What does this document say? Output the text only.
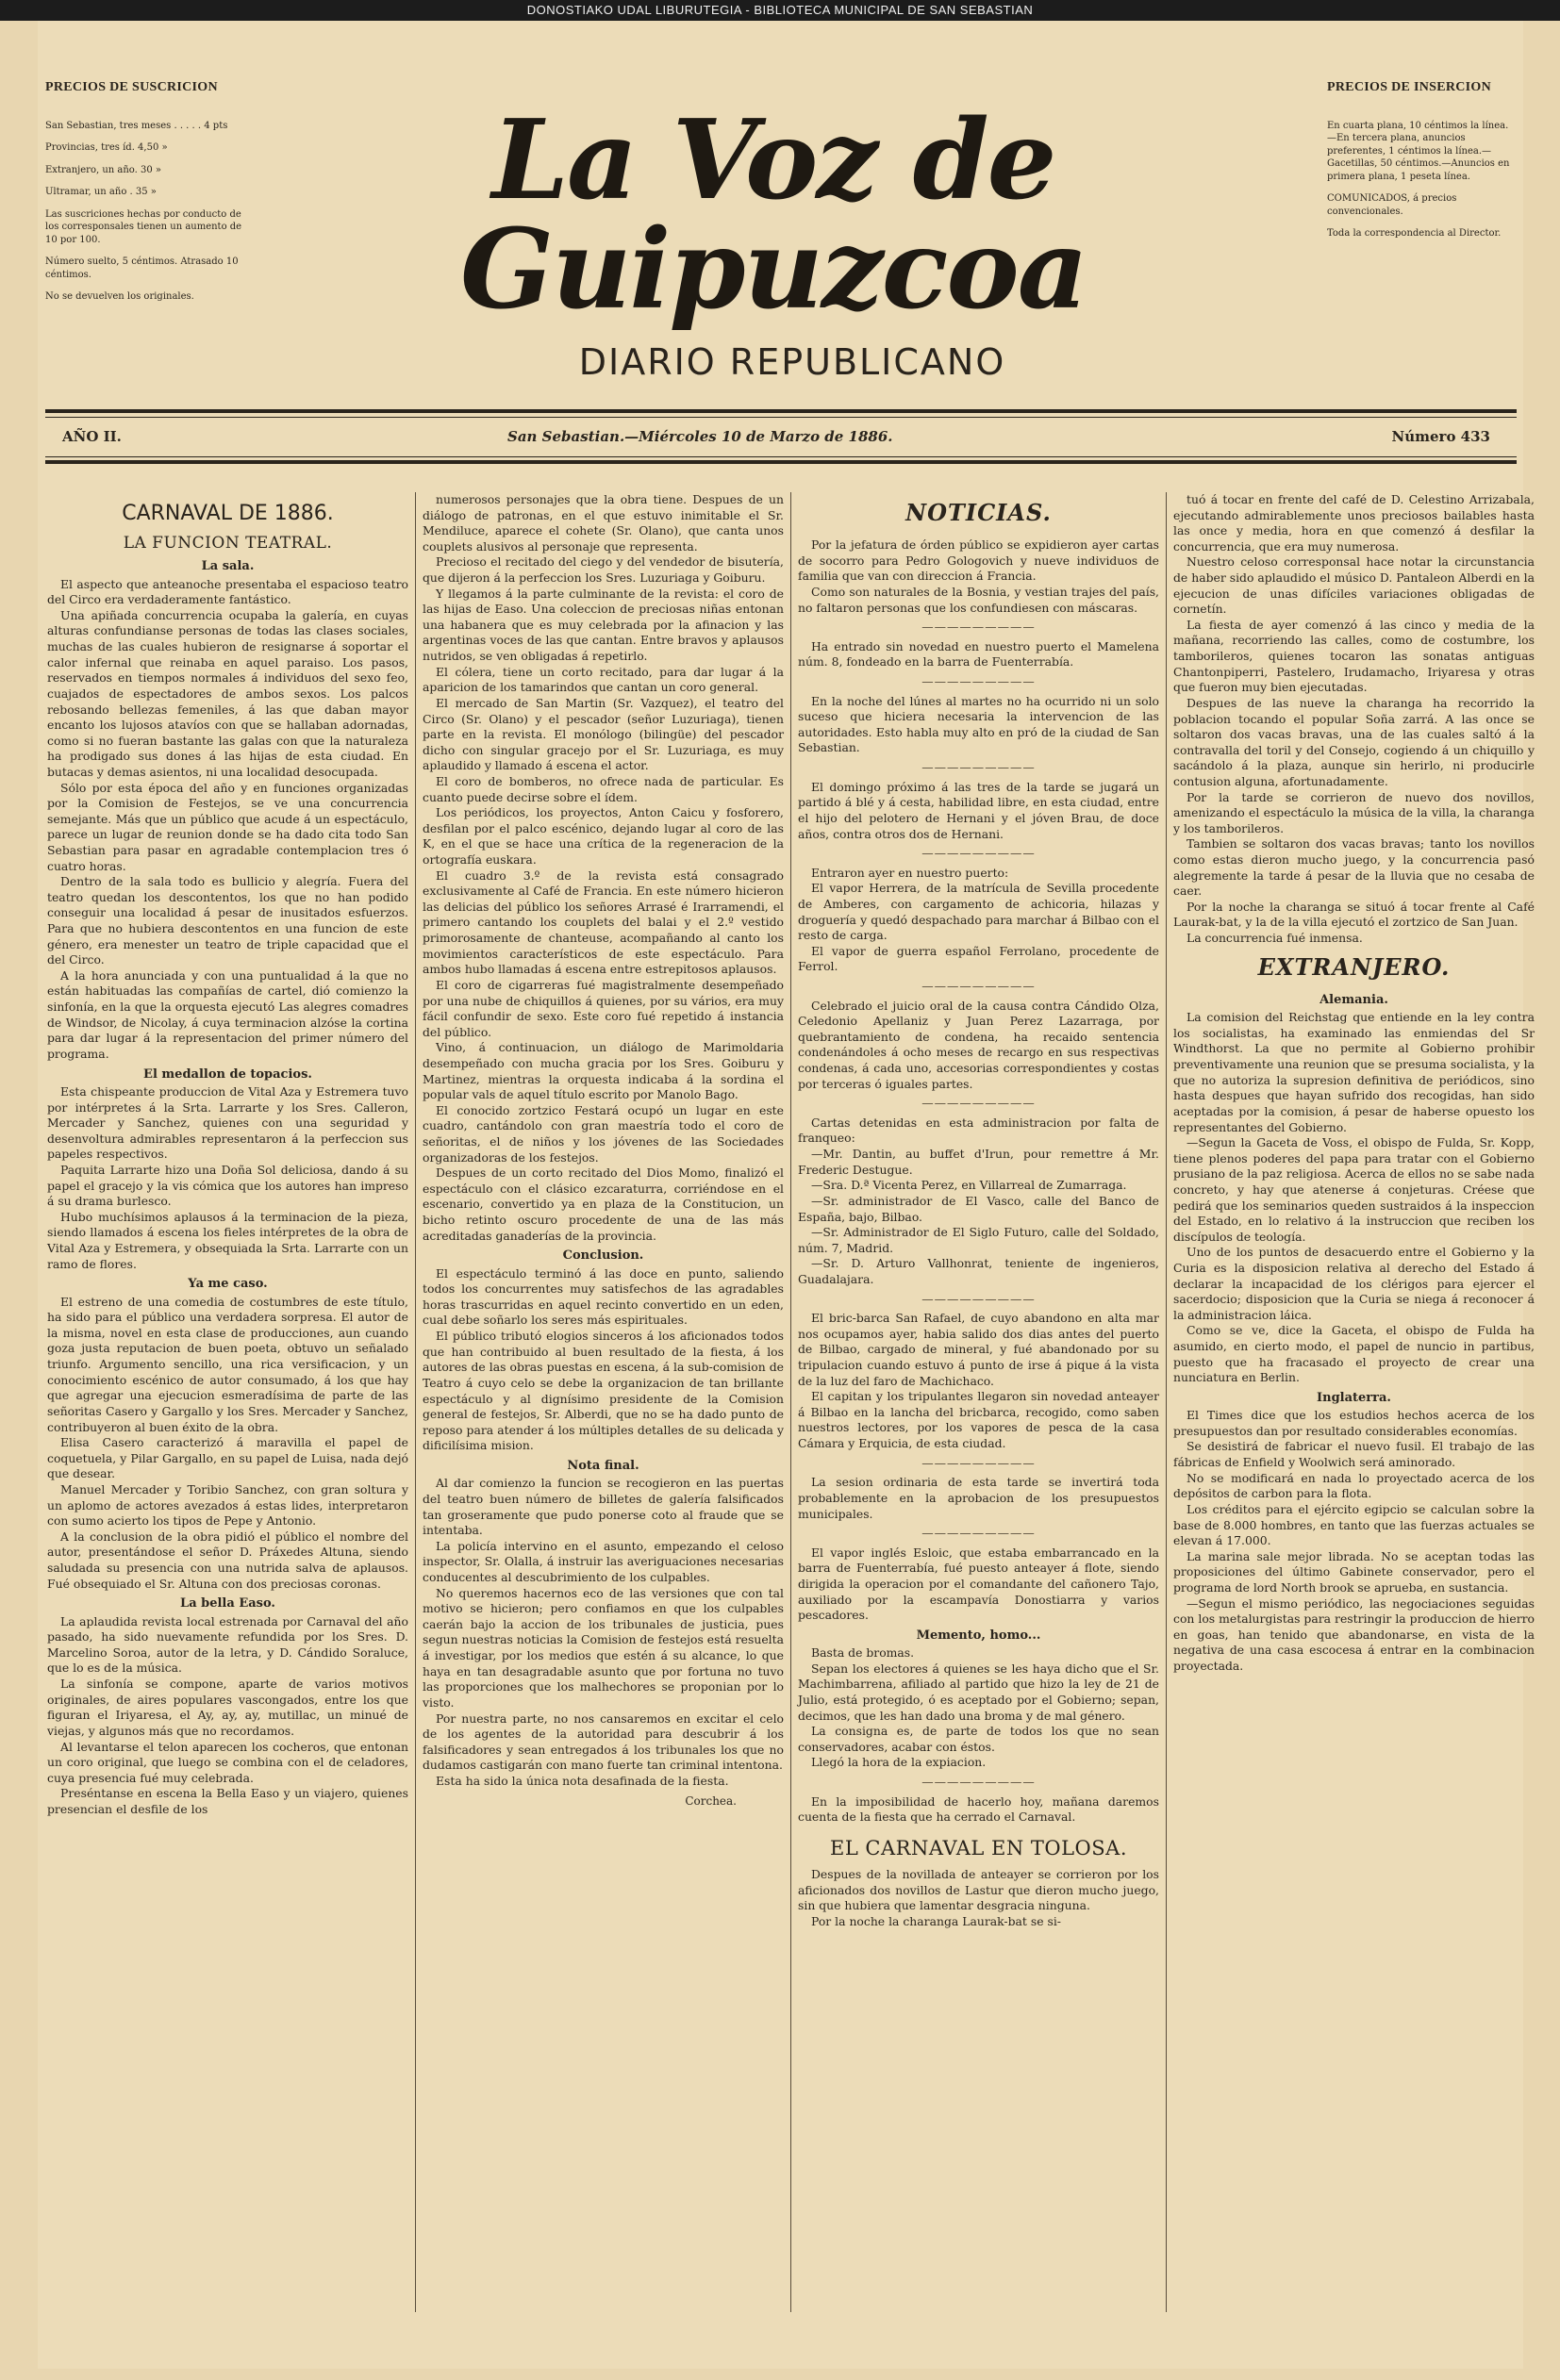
DONOSTIAKO UDAL LIBURUTEGIA - BIBLIOTECA MUNICIPAL DE SAN SEBASTIAN
PRECIOS DE SUSCRICION

San Sebastian, tres meses . . . . . 4 pts

Provincias, tres íd. 4,50 »

Extranjero, un año. 30 »

Ultramar, un año . 35 »

Las suscriciones hechas por conducto de los corresponsales tienen un aumento de 10 por 100.

Número suelto, 5 céntimos. Atrasado 10 céntimos.

No se devuelven los originales.

La Voz de Guipuzcoa
DIARIO REPUBLICANO
PRECIOS DE INSERCION

En cuarta plana, 10 céntimos la línea.—En tercera plana, anuncios preferentes, 1 céntimos la línea.—Gacetillas, 50 céntimos.—Anuncios en primera plana, 1 peseta línea.

COMUNICADOS, á precios convencionales.

Toda la correspondencia al Director.

AÑO II.	San Sebastian.—Miércoles 10 de Marzo de 1886.	Número 433

CARNAVAL DE 1886.

LA FUNCION TEATRAL.

La sala.

El aspecto que anteanoche presentaba el espacioso teatro del Circo era verdaderamente fantástico.

Una apiñada concurrencia ocupaba la galería, en cuyas alturas confundianse personas de todas las clases sociales, muchas de las cuales hubieron de resignarse á soportar el calor infernal que reinaba en aquel paraiso. Los pasos, reservados en tiempos normales á individuos del sexo feo, cuajados de espectadores de ambos sexos. Los palcos rebosando bellezas femeniles, á las que daban mayor encanto los lujosos atavíos con que se hallaban adornadas, como si no fueran bastante las galas con que la naturaleza ha prodigado sus dones á las hijas de esta ciudad. En butacas y demas asientos, ni una localidad desocupada.

Sólo por esta época del año y en funciones organizadas por la Comision de Festejos, se ve una concurrencia semejante. Más que un público que acude á un espectáculo, parece un lugar de reunion donde se ha dado cita todo San Sebastian para pasar en agradable contemplacion tres ó cuatro horas.

Dentro de la sala todo es bullicio y alegría. Fuera del teatro quedan los descontentos, los que no han podido conseguir una localidad á pesar de inusitados esfuerzos. Para que no hubiera descontentos en una funcion de este género, era menester un teatro de triple capacidad que el del Circo.

A la hora anunciada y con una puntualidad á la que no están habituadas las compañías de cartel, dió comienzo la sinfonía, en la que la orquesta ejecutó Las alegres comadres de Windsor, de Nicolay, á cuya terminacion alzóse la cortina para dar lugar á la representacion del primer número del programa.

El medallon de topacios.

Esta chispeante produccion de Vital Aza y Estremera tuvo por intérpretes á la Srta. Larrarte y los Sres. Calleron, Mercader y Sanchez, quienes con una seguridad y desenvoltura admirables representaron á la perfeccion sus papeles respectivos.

Paquita Larrarte hizo una Doña Sol deliciosa, dando á su papel el gracejo y la vis cómica que los autores han impreso á su drama burlesco.

Hubo muchísimos aplausos á la terminacion de la pieza, siendo llamados á escena los fieles intérpretes de la obra de Vital Aza y Estremera, y obsequiada la Srta. Larrarte con un ramo de flores.

Ya me caso.

El estreno de una comedia de costumbres de este título, ha sido para el público una verdadera sorpresa. El autor de la misma, novel en esta clase de producciones, aun cuando goza justa reputacion de buen poeta, obtuvo un señalado triunfo. Argumento sencillo, una rica versificacion, y un conocimiento escénico de autor consumado, á los que hay que agregar una ejecucion esmeradísima de parte de las señoritas Casero y Gargallo y los Sres. Mercader y Sanchez, contribuyeron al buen éxito de la obra.

Elisa Casero caracterizó á maravilla el papel de coquetuela, y Pilar Gargallo, en su papel de Luisa, nada dejó que desear.

Manuel Mercader y Toribio Sanchez, con gran soltura y un aplomo de actores avezados á estas lides, interpretaron con sumo acierto los tipos de Pepe y Antonio.

A la conclusion de la obra pidió el público el nombre del autor, presentándose el señor D. Práxedes Altuna, siendo saludada su presencia con una nutrida salva de aplausos. Fué obsequiado el Sr. Altuna con dos preciosas coronas.

La bella Easo.

La aplaudida revista local estrenada por Carnaval del año pasado, ha sido nuevamente refundida por los Sres. D. Marcelino Soroa, autor de la letra, y D. Cándido Soraluce, que lo es de la música.

La sinfonía se compone, aparte de varios motivos originales, de aires populares vascongados, entre los que figuran el Iriyaresa, el Ay, ay, ay, mutillac, un minué de viejas, y algunos más que no recordamos.

Al levantarse el telon aparecen los cocheros, que entonan un coro original, que luego se combina con el de celadores, cuya presencia fué muy celebrada.

Preséntanse en escena la Bella Easo y un viajero, quienes presencian el desfile de los

numerosos personajes que la obra tiene. Despues de un diálogo de patronas, en el que estuvo inimitable el Sr. Mendiluce, aparece el cohete (Sr. Olano), que canta unos couplets alusivos al personaje que representa.

Precioso el recitado del ciego y del vendedor de bisutería, que dijeron á la perfeccion los Sres. Luzuriaga y Goiburu.

Y llegamos á la parte culminante de la revista: el coro de las hijas de Easo. Una coleccion de preciosas niñas entonan una habanera que es muy celebrada por la afinacion y las argentinas voces de las que cantan. Entre bravos y aplausos nutridos, se ven obligadas á repetirlo.

El cólera, tiene un corto recitado, para dar lugar á la aparicion de los tamarindos que cantan un coro general.

El mercado de San Martin (Sr. Vazquez), el teatro del Circo (Sr. Olano) y el pescador (señor Luzuriaga), tienen parte en la revista. El monólogo (bilingüe) del pescador dicho con singular gracejo por el Sr. Luzuriaga, es muy aplaudido y llamado á escena el actor.

El coro de bomberos, no ofrece nada de particular. Es cuanto puede decirse sobre el ídem.

Los periódicos, los proyectos, Anton Caicu y fosforero, desfilan por el palco escénico, dejando lugar al coro de las K, en el que se hace una crítica de la regeneracion de la ortografía euskara.

El cuadro 3.º de la revista está consagrado exclusivamente al Café de Francia. En este número hicieron las delicias del público los señores Arrasé é Irarramendi, el primero cantando los couplets del balai y el 2.º vestido primorosamente de chanteuse, acompañando al canto los movimientos característicos de este espectáculo. Para ambos hubo llamadas á escena entre estrepitosos aplausos.

El coro de cigarreras fué magistralmente desempeñado por una nube de chiquillos á quienes, por su vários, era muy fácil confundir de sexo. Este coro fué repetido á instancia del público.

Vino, á continuacion, un diálogo de Marimoldaria desempeñado con mucha gracia por los Sres. Goiburu y Martinez, mientras la orquesta indicaba á la sordina el popular vals de aquel título escrito por Manolo Bago.

El conocido zortzico Festará ocupó un lugar en este cuadro, cantándolo con gran maestría todo el coro de señoritas, el de niños y los jóvenes de las Sociedades organizadoras de los festejos.

Despues de un corto recitado del Dios Momo, finalizó el espectáculo con el clásico ezcaraturra, corriéndose en el escenario, convertido ya en plaza de la Constitucion, un bicho retinto oscuro procedente de una de las más acreditadas ganaderías de la provincia.

Conclusion.

El espectáculo terminó á las doce en punto, saliendo todos los concurrentes muy satisfechos de las agradables horas trascurridas en aquel recinto convertido en un eden, cual debe soñarlo los seres más espirituales.

El público tributó elogios sinceros á los aficionados todos que han contribuido al buen resultado de la fiesta, á los autores de las obras puestas en escena, á la sub-comision de Teatro á cuyo celo se debe la organizacion de tan brillante espectáculo y al dignísimo presidente de la Comision general de festejos, Sr. Alberdi, que no se ha dado punto de reposo para atender á los múltiples detalles de su delicada y dificilísima mision.

Nota final.

Al dar comienzo la funcion se recogieron en las puertas del teatro buen número de billetes de galería falsificados tan groseramente que pudo ponerse coto al fraude que se intentaba.

La policía intervino en el asunto, empezando el celoso inspector, Sr. Olalla, á instruir las averiguaciones necesarias conducentes al descubrimiento de los culpables.

No queremos hacernos eco de las versiones que con tal motivo se hicieron; pero confiamos en que los culpables caerán bajo la accion de los tribunales de justicia, pues segun nuestras noticias la Comision de festejos está resuelta á investigar, por los medios que estén á su alcance, lo que haya en tan desagradable asunto que por fortuna no tuvo las proporciones que los malhechores se proponian por lo visto.

Por nuestra parte, no nos cansaremos en excitar el celo de los agentes de la autoridad para descubrir á los falsificadores y sean entregados á los tribunales los que no dudamos castigarán con mano fuerte tan criminal intentona.

Esta ha sido la única nota desafinada de la fiesta.

Corchea.

NOTICIAS.

Por la jefatura de órden público se expidieron ayer cartas de socorro para Pedro Gologovich y nueve individuos de familia que van con direccion á Francia.

Como son naturales de la Bosnia, y vestian trajes del país, no faltaron personas que los confundiesen con máscaras.

—————————

Ha entrado sin novedad en nuestro puerto el Mamelena núm. 8, fondeado en la barra de Fuenterrabía.

—————————

En la noche del lúnes al martes no ha ocurrido ni un solo suceso que hiciera necesaria la intervencion de las autoridades. Esto habla muy alto en pró de la ciudad de San Sebastian.

—————————

El domingo próximo á las tres de la tarde se jugará un partido á blé y á cesta, habilidad libre, en esta ciudad, entre el hijo del pelotero de Hernani y el jóven Brau, de doce años, contra otros dos de Hernani.

—————————

Entraron ayer en nuestro puerto:

El vapor Herrera, de la matrícula de Sevilla procedente de Amberes, con cargamento de achicoria, hilazas y droguería y quedó despachado para marchar á Bilbao con el resto de carga.

El vapor de guerra español Ferrolano, procedente de Ferrol.

—————————

Celebrado el juicio oral de la causa contra Cándido Olza, Celedonio Apellaniz y Juan Perez Lazarraga, por quebrantamiento de condena, ha recaido sentencia condenándoles á ocho meses de recargo en sus respectivas condenas, á cada uno, accesorias correspondientes y costas por terceras ó iguales partes.

—————————

Cartas detenidas en esta administracion por falta de franqueo:

—Mr. Dantin, au buffet d'Irun, pour remettre á Mr. Frederic Destugue.

—Sra. D.ª Vicenta Perez, en Villarreal de Zumarraga.

—Sr. administrador de El Vasco, calle del Banco de España, bajo, Bilbao.

—Sr. Administrador de El Siglo Futuro, calle del Soldado, núm. 7, Madrid.

—Sr. D. Arturo Vallhonrat, teniente de ingenieros, Guadalajara.

—————————

El bric-barca San Rafael, de cuyo abandono en alta mar nos ocupamos ayer, habia salido dos dias antes del puerto de Bilbao, cargado de mineral, y fué abandonado por su tripulacion cuando estuvo á punto de irse á pique á la vista de la luz del faro de Machichaco.

El capitan y los tripulantes llegaron sin novedad anteayer á Bilbao en la lancha del bricbarca, recogido, como saben nuestros lectores, por los vapores de pesca de la casa Cámara y Erquicia, de esta ciudad.

—————————

La sesion ordinaria de esta tarde se invertirá toda probablemente en la aprobacion de los presupuestos municipales.

—————————

El vapor inglés Esloic, que estaba embarrancado en la barra de Fuenterrabía, fué puesto anteayer á flote, siendo dirigida la operacion por el comandante del cañonero Tajo, auxiliado por la escampavía Donostiarra y varios pescadores.

Memento, homo...

Basta de bromas.

Sepan los electores á quienes se les haya dicho que el Sr. Machimbarrena, afiliado al partido que hizo la ley de 21 de Julio, está protegido, ó es aceptado por el Gobierno; sepan, decimos, que les han dado una broma y de mal género.

La consigna es, de parte de todos los que no sean conservadores, acabar con éstos.

Llegó la hora de la expiacion.

—————————

En la imposibilidad de hacerlo hoy, mañana daremos cuenta de la fiesta que ha cerrado el Carnaval.

EL CARNAVAL EN TOLOSA.

Despues de la novillada de anteayer se corrieron por los aficionados dos novillos de Lastur que dieron mucho juego, sin que hubiera que lamentar desgracia ninguna.

Por la noche la charanga Laurak-bat se si-

tuó á tocar en frente del café de D. Celestino Arrizabala, ejecutando admirablemente unos preciosos bailables hasta las once y media, hora en que comenzó á desfilar la concurrencia, que era muy numerosa.

Nuestro celoso corresponsal hace notar la circunstancia de haber sido aplaudido el músico D. Pantaleon Alberdi en la ejecucion de unas difíciles variaciones obligadas de cornetín.

La fiesta de ayer comenzó á las cinco y media de la mañana, recorriendo las calles, como de costumbre, los tamborileros, quienes tocaron las sonatas antiguas Chantonpiperri, Pastelero, Irudamacho, Iriyaresa y otras que fueron muy bien ejecutadas.

Despues de las nueve la charanga ha recorrido la poblacion tocando el popular Soña zarrá. A las once se soltaron dos vacas bravas, una de las cuales saltó á la contravalla del toril y del Consejo, cogiendo á un chiquillo y sacándolo á la plaza, aunque sin herirlo, ni producirle contusion alguna, afortunadamente.

Por la tarde se corrieron de nuevo dos novillos, amenizando el espectáculo la música de la villa, la charanga y los tamborileros.

Tambien se soltaron dos vacas bravas; tanto los novillos como estas dieron mucho juego, y la concurrencia pasó alegremente la tarde á pesar de la lluvia que no cesaba de caer.

Por la noche la charanga se situó á tocar frente al Café Laurak-bat, y la de la villa ejecutó el zortzico de San Juan.

La concurrencia fué inmensa.

EXTRANJERO.

Alemania.

La comision del Reichstag que entiende en la ley contra los socialistas, ha examinado las enmiendas del Sr Windthorst. La que no permite al Gobierno prohibir preventivamente una reunion que se presuma socialista, y la que no autoriza la supresion definitiva de periódicos, sino hasta despues que hayan sufrido dos recogidas, han sido aceptadas por la comision, á pesar de haberse opuesto los representantes del Gobierno.

—Segun la Gaceta de Voss, el obispo de Fulda, Sr. Kopp, tiene plenos poderes del papa para tratar con el Gobierno prusiano de la paz religiosa. Acerca de ellos no se sabe nada concreto, y hay que atenerse á conjeturas. Créese que pedirá que los seminarios queden sustraidos á la inspeccion del Estado, en lo relativo á la instruccion que reciben los discípulos de teología.

Uno de los puntos de desacuerdo entre el Gobierno y la Curia es la disposicion relativa al derecho del Estado á declarar la incapacidad de los clérigos para ejercer el sacerdocio; disposicion que la Curia se niega á reconocer á la administracion láica.

Como se ve, dice la Gaceta, el obispo de Fulda ha asumido, en cierto modo, el papel de nuncio in partibus, puesto que ha fracasado el proyecto de crear una nunciatura en Berlin.

Inglaterra.

El Times dice que los estudios hechos acerca de los presupuestos dan por resultado considerables economías.

Se desistirá de fabricar el nuevo fusil. El trabajo de las fábricas de Enfield y Woolwich será aminorado.

No se modificará en nada lo proyectado acerca de los depósitos de carbon para la flota.

Los créditos para el ejército egipcio se calculan sobre la base de 8.000 hombres, en tanto que las fuerzas actuales se elevan á 17.000.

La marina sale mejor librada. No se aceptan todas las proposiciones del último Gabinete conservador, pero el programa de lord North brook se aprueba, en sustancia.

—Segun el mismo periódico, las negociaciones seguidas con los metalurgistas para restringir la produccion de hierro en goas, han tenido que abandonarse, en vista de la negativa de una casa escocesa á entrar en la combinacion proyectada.
